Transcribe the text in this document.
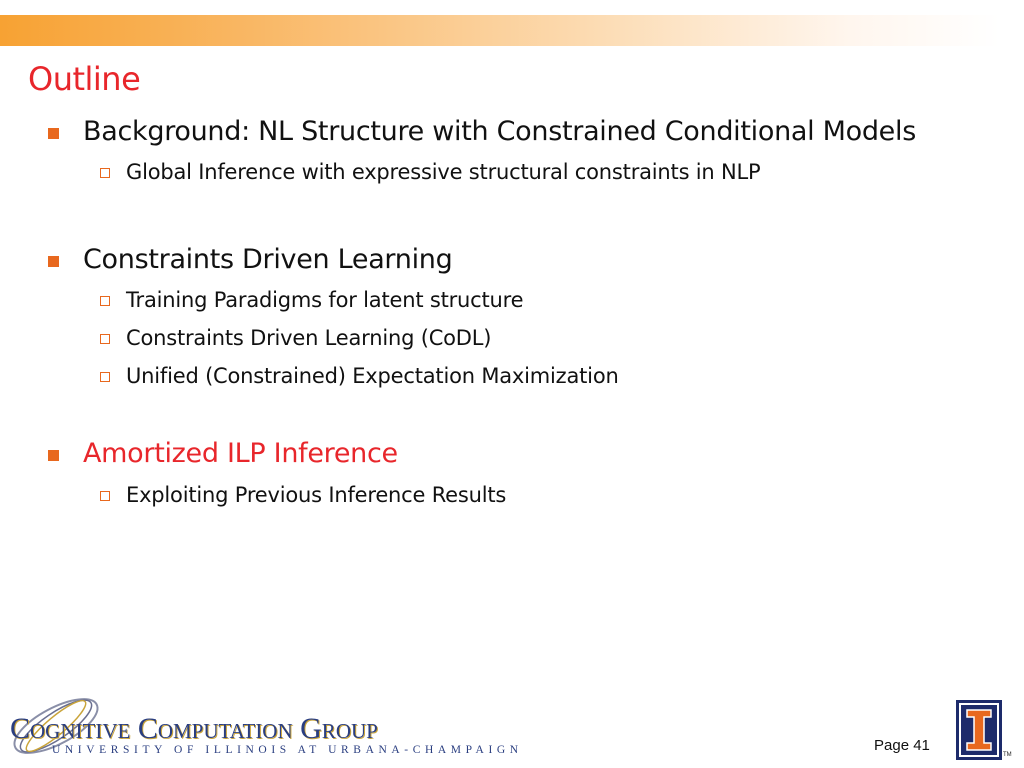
Outline
Background: NL Structure with Constrained Conditional Models
Global Inference with expressive structural constraints in NLP
Constraints Driven Learning
Training Paradigms for latent structure
Constraints Driven Learning (CoDL)
Unified (Constrained) Expectation Maximization
Amortized ILP Inference
Exploiting Previous Inference Results
Cognitive Computation Group
UNIVERSITY OF ILLINOIS AT URBANA-CHAMPAIGN	Page 41
TM
